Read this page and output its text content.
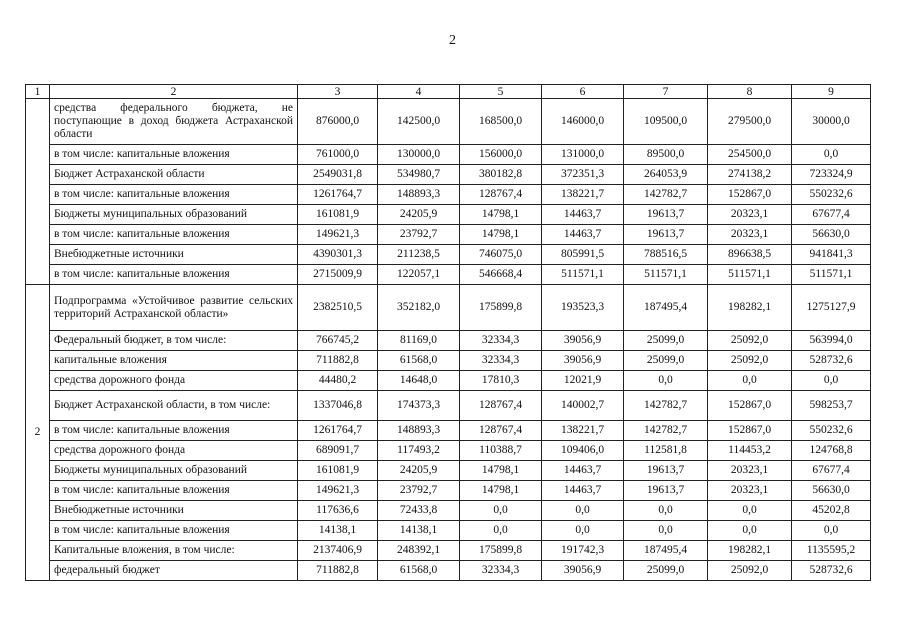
2
1	2	3	4	5	6	7	8	9
	средства федерального бюджета, не поступающие в доход бюджета Астраханской области	876000,0	142500,0	168500,0	146000,0	109500,0	279500,0	30000,0
	в том числе: капитальные вложения	761000,0	130000,0	156000,0	131000,0	89500,0	254500,0	0,0
	Бюджет Астраханской области	2549031,8	534980,7	380182,8	372351,3	264053,9	274138,2	723324,9
	в том числе: капитальные вложения	1261764,7	148893,3	128767,4	138221,7	142782,7	152867,0	550232,6
	Бюджеты муниципальных образований	161081,9	24205,9	14798,1	14463,7	19613,7	20323,1	67677,4
	в том числе: капитальные вложения	149621,3	23792,7	14798,1	14463,7	19613,7	20323,1	56630,0
	Внебюджетные источники	4390301,3	211238,5	746075,0	805991,5	788516,5	896638,5	941841,3
	в том числе: капитальные вложения	2715009,9	122057,1	546668,4	511571,1	511571,1	511571,1	511571,1
2	Подпрограмма «Устойчивое развитие сельских территорий Астраханской области»	2382510,5	352182,0	175899,8	193523,3	187495,4	198282,1	1275127,9
	Федеральный бюджет, в том числе:	766745,2	81169,0	32334,3	39056,9	25099,0	25092,0	563994,0
	капитальные вложения	711882,8	61568,0	32334,3	39056,9	25099,0	25092,0	528732,6
	средства дорожного фонда	44480,2	14648,0	17810,3	12021,9	0,0	0,0	0,0
	Бюджет Астраханской области, в том числе:	1337046,8	174373,3	128767,4	140002,7	142782,7	152867,0	598253,7
	в том числе: капитальные вложения	1261764,7	148893,3	128767,4	138221,7	142782,7	152867,0	550232,6
	средства дорожного фонда	689091,7	117493,2	110388,7	109406,0	112581,8	114453,2	124768,8
	Бюджеты муниципальных образований	161081,9	24205,9	14798,1	14463,7	19613,7	20323,1	67677,4
	в том числе: капитальные вложения	149621,3	23792,7	14798,1	14463,7	19613,7	20323,1	56630,0
	Внебюджетные источники	117636,6	72433,8	0,0	0,0	0,0	0,0	45202,8
	в том числе: капитальные вложения	14138,1	14138,1	0,0	0,0	0,0	0,0	0,0
	Капитальные вложения, в том числе:	2137406,9	248392,1	175899,8	191742,3	187495,4	198282,1	1135595,2
	федеральный бюджет	711882,8	61568,0	32334,3	39056,9	25099,0	25092,0	528732,6
